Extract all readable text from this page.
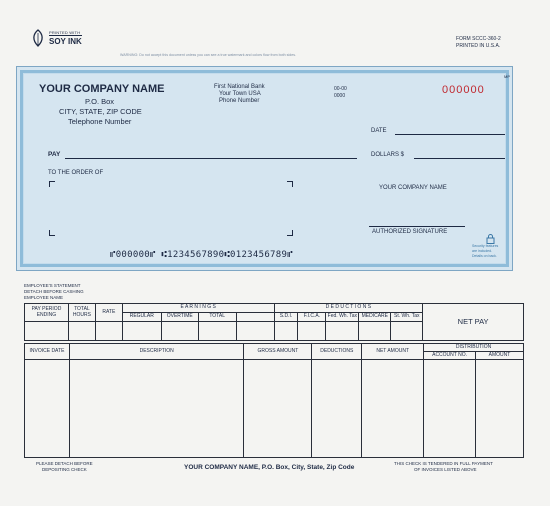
PRINTED WITH
SOY INK
WARNING: Do not accept this document unless you can see a true watermark and colors flow from both sides.
FORM SCCC-360-2
PRINTED IN U.S.A.
YOUR COMPANY NAME
P.O. Box
CITY, STATE, ZIP CODE
Telephone Number
First National Bank
Your Town USA
Phone Number
00-00
0000	000000
MP
DATE
DOLLARS $
PAY
TO THE ORDER OF
YOUR COMPANY NAME
AUTHORIZED SIGNATURE
Security features
are included.
Details on back.
⑈000000⑈ ⑆1234567890⑆0123456789⑈
EMPLOYEE'S STATEMENT
DETACH BEFORE CASHING
EMPLOYEE NAME
PAY PERIOD ENDING	TOTAL HOURS	RATE	E A R N I N G S				D E D U C T I O N S					NET PAY
			REGULAR	OVERTIME	TOTAL		S.D.I.	F.I.C.A.	Fed. Wh. Tax	MEDICARE	St. Wh. Tax	

INVOICE DATE	DESCRIPTION	GROSS AMOUNT	DEDUCTIONS	NET AMOUNT	DISTRIBUTION	
					ACCOUNT NO.	AMOUNT

PLEASE DETACH BEFORE
DEPOSITING CHECK	YOUR COMPANY NAME, P.O. Box, City, State, Zip Code
THIS CHECK IS TENDERED IN FULL PAYMENT
OF INVOICES LISTED ABOVE
